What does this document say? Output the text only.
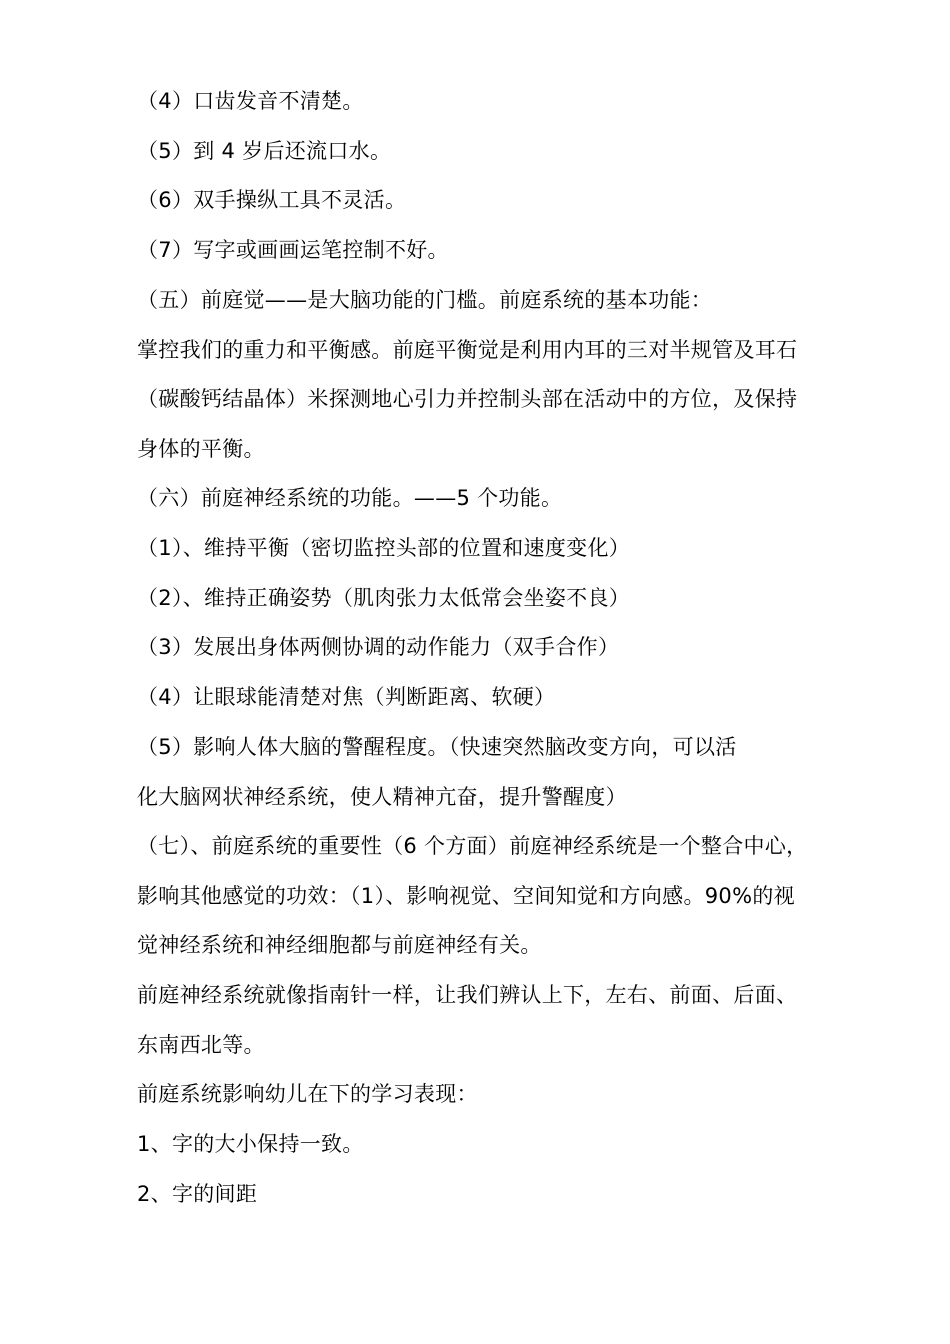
（4）口齿发音不清楚。
（5）到 4 岁后还流口水。
（6）双手操纵工具不灵活。
（7）写字或画画运笔控制不好。
（五）前庭觉——是大脑功能的门槛。前庭系统的基本功能：
掌控我们的重力和平衡感。前庭平衡觉是利用内耳的三对半规管及耳石
（碳酸钙结晶体）米探测地心引力并控制头部在活动中的方位，及保持
身体的平衡。
（六）前庭神经系统的功能。——5 个功能。
（1）、维持平衡（密切监控头部的位置和速度变化）
（2）、维持正确姿势（肌肉张力太低常会坐姿不良）
（3）发展出身体两侧协调的动作能力（双手合作）
（4）让眼球能清楚对焦（判断距离、软硬）
（5）影响人体大脑的警醒程度。（快速突然脑改变方向，可以活
化大脑网状神经系统，使人精神亢奋，提升警醒度）
（七）、前庭系统的重要性（6 个方面）前庭神经系统是一个整合中心，
影响其他感觉的功效：（1）、影响视觉、空间知觉和方向感。90%的视
觉神经系统和神经细胞都与前庭神经有关。
前庭神经系统就像指南针一样，让我们辨认上下，左右、前面、后面、
东南西北等。
前庭系统影响幼儿在下的学习表现：
1、字的大小保持一致。
2、字的间距
